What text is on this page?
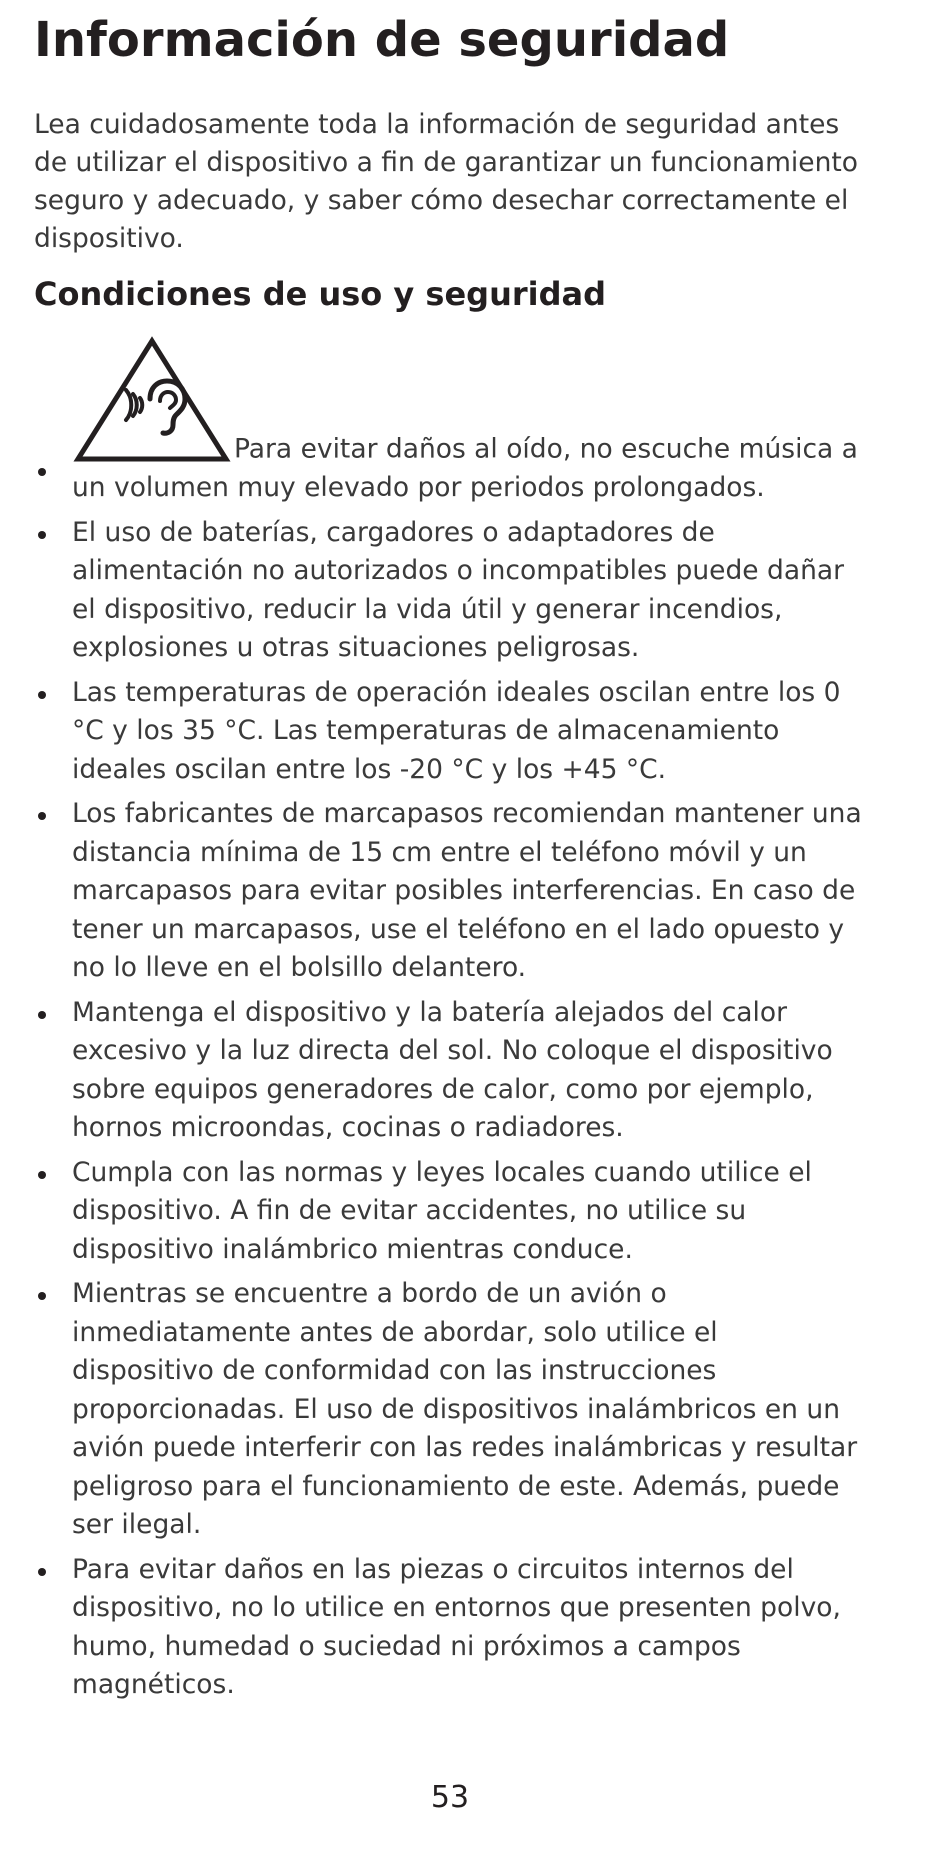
Información de seguridad

Lea cuidadosamente toda la información de seguridad antes de utilizar el dispositivo a fin de garantizar un funcionamiento seguro y adecuado, y saber cómo desechar correctamente el dispositivo.

Condiciones de uso y seguridad
Para evitar daños al oído, no escuche música a un volumen muy elevado por periodos prolongados.
El uso de baterías, cargadores o adaptadores de alimentación no autorizados o incompatibles puede dañar el dispositivo, reducir la vida útil y generar incendios, explosiones u otras situaciones peligrosas.
Las temperaturas de operación ideales oscilan entre los 0 °C y los 35 °C. Las temperaturas de almacenamiento ideales oscilan entre los -20 °C y los +45 °C.
Los fabricantes de marcapasos recomiendan mantener una distancia mínima de 15 cm entre el teléfono móvil y un marcapasos para evitar posibles interferencias. En caso de tener un marcapasos, use el teléfono en el lado opuesto y no lo lleve en el bolsillo delantero.
Mantenga el dispositivo y la batería alejados del calor excesivo y la luz directa del sol. No coloque el dispositivo sobre equipos generadores de calor, como por ejemplo, hornos microondas, cocinas o radiadores.
Cumpla con las normas y leyes locales cuando utilice el dispositivo. A fin de evitar accidentes, no utilice su dispositivo inalámbrico mientras conduce.
Mientras se encuentre a bordo de un avión o inmediatamente antes de abordar, solo utilice el dispositivo de conformidad con las instrucciones proporcionadas. El uso de dispositivos inalámbricos en un avión puede interferir con las redes inalámbricas y resultar peligroso para el funcionamiento de este. Además, puede ser ilegal.
Para evitar daños en las piezas o circuitos internos del dispositivo, no lo utilice en entornos que presenten polvo, humo, humedad o suciedad ni próximos a campos magnéticos.
53
